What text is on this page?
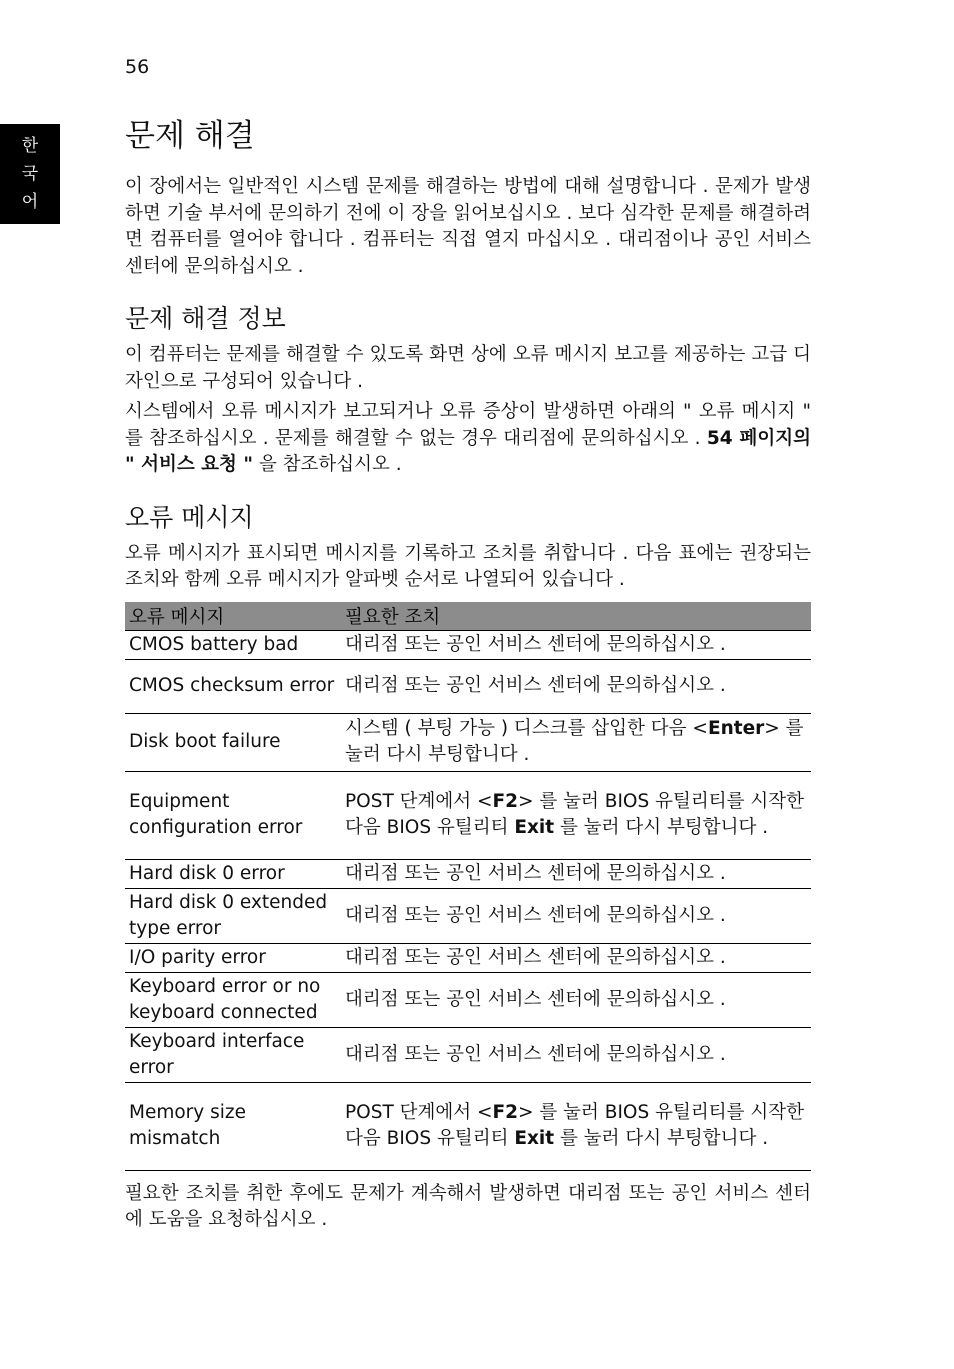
56
한
국
어
문제 해결

이 장에서는 일반적인 시스템 문제를 해결하는 방법에 대해 설명합니다 . 문제가 발생하면 기술 부서에 문의하기 전에 이 장을 읽어보십시오 . 보다 심각한 문제를 해결하려면 컴퓨터를 열어야 합니다 . 컴퓨터는 직접 열지 마십시오 . 대리점이나 공인 서비스 센터에 문의하십시오 .

문제 해결 정보

이 컴퓨터는 문제를 해결할 수 있도록 화면 상에 오류 메시지 보고를 제공하는 고급 디자인으로 구성되어 있습니다 .

시스템에서 오류 메시지가 보고되거나 오류 증상이 발생하면 아래의 " 오류 메시지 " 를 참조하십시오 . 문제를 해결할 수 없는 경우 대리점에 문의하십시오 . 54 페이지의 " 서비스 요청 " 을 참조하십시오 .

오류 메시지

오류 메시지가 표시되면 메시지를 기록하고 조치를 취합니다 . 다음 표에는 권장되는 조치와 함께 오류 메시지가 알파벳 순서로 나열되어 있습니다 .

오류 메시지	필요한 조치
CMOS battery bad	대리점 또는 공인 서비스 센터에 문의하십시오 .
CMOS checksum error	대리점 또는 공인 서비스 센터에 문의하십시오 .
Disk boot failure	시스템 ( 부팅 가능 ) 디스크를 삽입한 다음 <Enter> 를 눌러 다시 부팅합니다 .
Equipment configuration error	POST 단계에서 <F2> 를 눌러 BIOS 유틸리티를 시작한 다음 BIOS 유틸리티 Exit 를 눌러 다시 부팅합니다 .
Hard disk 0 error	대리점 또는 공인 서비스 센터에 문의하십시오 .
Hard disk 0 extended type error	대리점 또는 공인 서비스 센터에 문의하십시오 .
I/O parity error	대리점 또는 공인 서비스 센터에 문의하십시오 .
Keyboard error or no keyboard connected	대리점 또는 공인 서비스 센터에 문의하십시오 .
Keyboard interface error	대리점 또는 공인 서비스 센터에 문의하십시오 .
Memory size mismatch	POST 단계에서 <F2> 를 눌러 BIOS 유틸리티를 시작한 다음 BIOS 유틸리티 Exit 를 눌러 다시 부팅합니다 .

필요한 조치를 취한 후에도 문제가 계속해서 발생하면 대리점 또는 공인 서비스 센터에 도움을 요청하십시오 .
